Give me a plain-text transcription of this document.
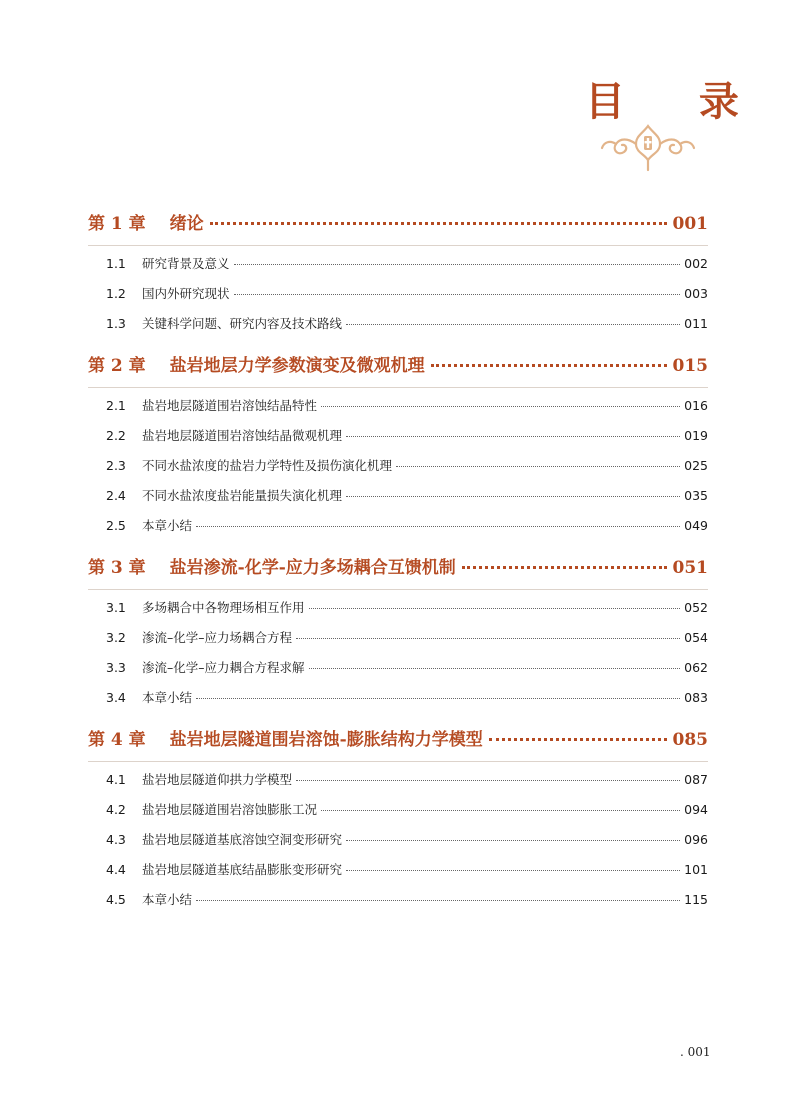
目 录
第 1 章 绪论	001
1.1	研究背景及意义	002
1.2	国内外研究现状	003
1.3	关键科学问题、研究内容及技术路线	011
第 2 章 盐岩地层力学参数演变及微观机理	015
2.1	盐岩地层隧道围岩溶蚀结晶特性	016
2.2	盐岩地层隧道围岩溶蚀结晶微观机理	019
2.3	不同水盐浓度的盐岩力学特性及损伤演化机理	025
2.4	不同水盐浓度盐岩能量损失演化机理	035
2.5	本章小结	049
第 3 章 盐岩渗流-化学-应力多场耦合互馈机制	051
3.1	多场耦合中各物理场相互作用	052
3.2	渗流–化学–应力场耦合方程	054
3.3	渗流–化学–应力耦合方程求解	062
3.4	本章小结	083
第 4 章 盐岩地层隧道围岩溶蚀-膨胀结构力学模型	085
4.1	盐岩地层隧道仰拱力学模型	087
4.2	盐岩地层隧道围岩溶蚀膨胀工况	094
4.3	盐岩地层隧道基底溶蚀空洞变形研究	096
4.4	盐岩地层隧道基底结晶膨胀变形研究	101
4.5	本章小结	115
. 001
